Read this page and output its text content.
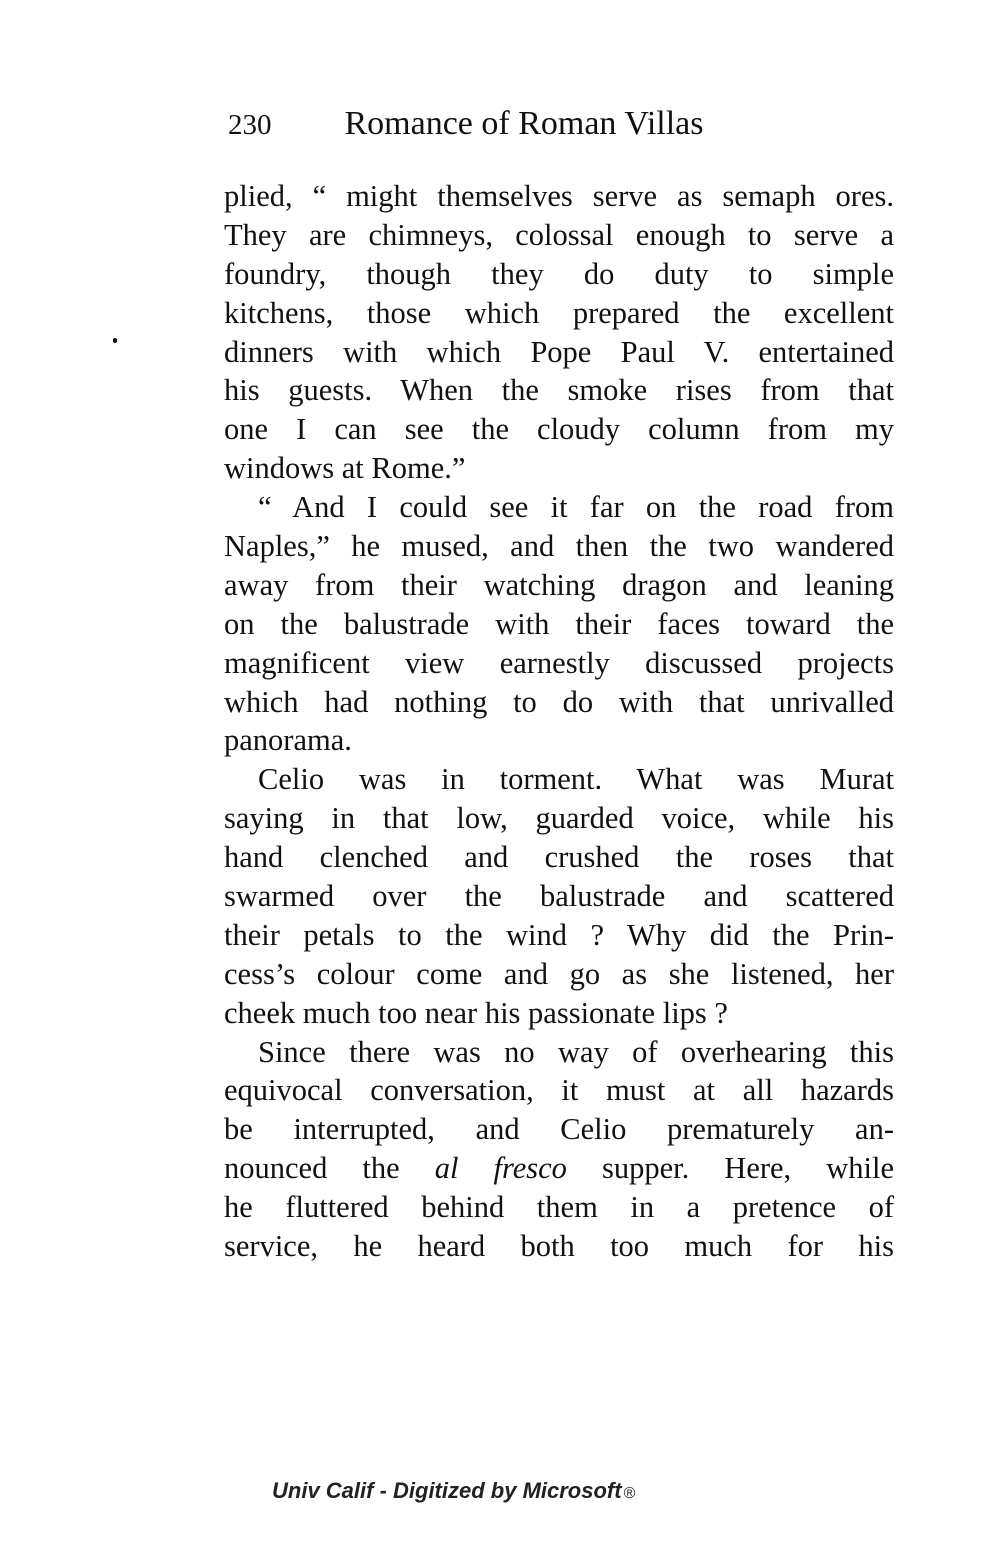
230 Romance of Roman Villas
plied, “ might themselves serve as semaph ores.
They are chimneys, colossal enough to serve a
foundry, though they do duty to simple
kitchens, those which prepared the excellent
dinners with which Pope Paul V. entertained
his guests. When the smoke rises from that
one I can see the cloudy column from my
windows at Rome.”
“ And I could see it far on the road from
Naples,” he mused, and then the two wandered
away from their watching dragon and leaning
on the balustrade with their faces toward the
magnificent view earnestly discussed projects
which had nothing to do with that unrivalled
panorama.
Celio was in torment. What was Murat
saying in that low, guarded voice, while his
hand clenched and crushed the roses that
swarmed over the balustrade and scattered
their petals to the wind ? Why did the Prin-
cess’s colour come and go as she listened, her
cheek much too near his passionate lips ?
Since there was no way of overhearing this
equivocal conversation, it must at all hazards
be interrupted, and Celio prematurely an-
nounced the al fresco supper. Here, while
he fluttered behind them in a pretence of
service, he heard both too much for his
Univ Calif - Digitized by Microsoft ®
